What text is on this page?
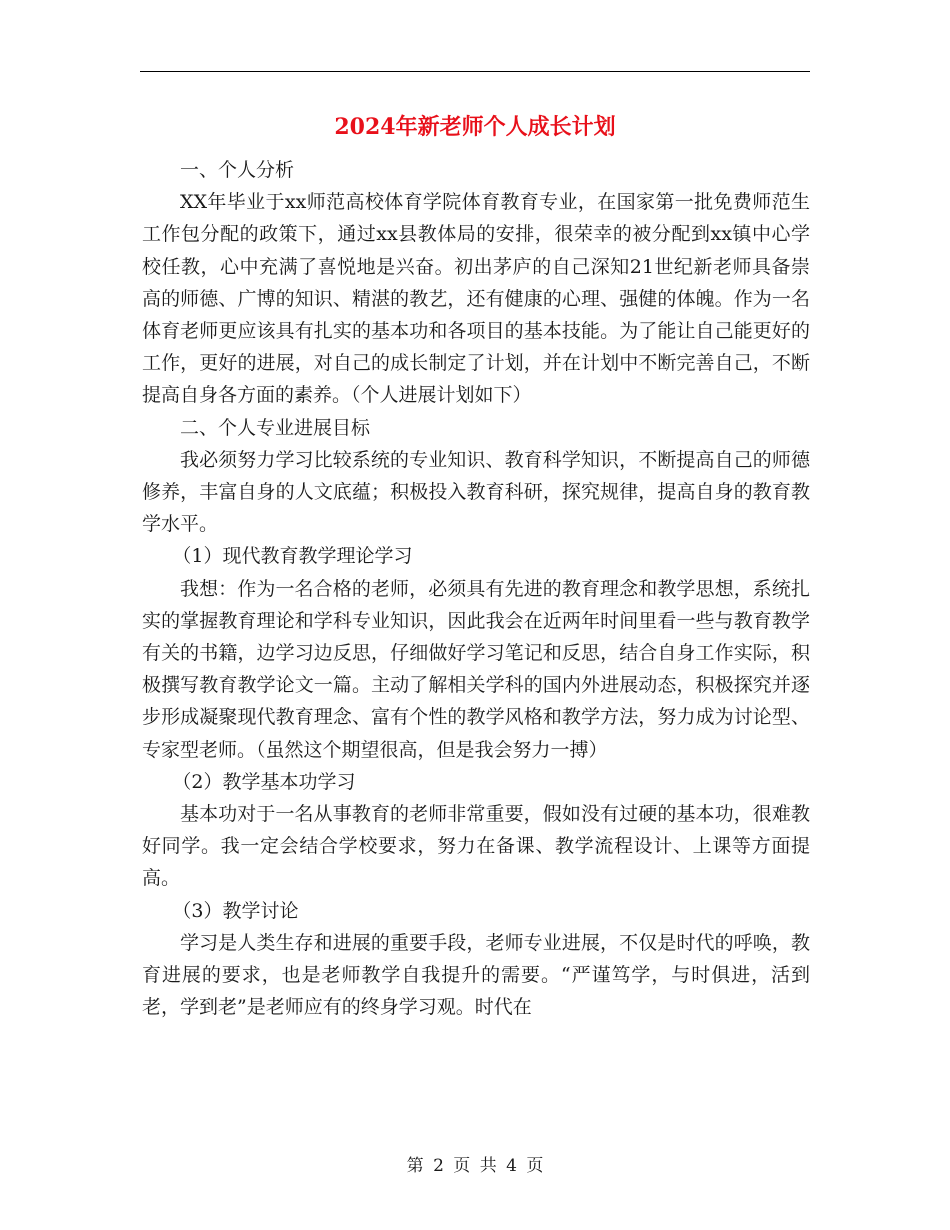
2024年新老师个人成长计划

一、个人分析

XX年毕业于xx师范高校体育学院体育教育专业，在国家第一批免费师范生工作包分配的政策下，通过xx县教体局的安排，很荣幸的被分配到xx镇中心学校任教，心中充满了喜悦地是兴奋。初出茅庐的自己深知21世纪新老师具备崇高的师德、广博的知识、精湛的教艺，还有健康的心理、强健的体魄。作为一名体育老师更应该具有扎实的基本功和各项目的基本技能。为了能让自己能更好的工作，更好的进展，对自己的成长制定了计划，并在计划中不断完善自己，不断提高自身各方面的素养。（个人进展计划如下）

二、个人专业进展目标

我必须努力学习比较系统的专业知识、教育科学知识，不断提高自己的师德修养，丰富自身的人文底蕴；积极投入教育科研，探究规律，提高自身的教育教学水平。

（1）现代教育教学理论学习

我想：作为一名合格的老师，必须具有先进的教育理念和教学思想，系统扎实的掌握教育理论和学科专业知识，因此我会在近两年时间里看一些与教育教学有关的书籍，边学习边反思，仔细做好学习笔记和反思，结合自身工作实际，积极撰写教育教学论文一篇。主动了解相关学科的国内外进展动态，积极探究并逐步形成凝聚现代教育理念、富有个性的教学风格和教学方法，努力成为讨论型、专家型老师。（虽然这个期望很高，但是我会努力一搏）

（2）教学基本功学习

基本功对于一名从事教育的老师非常重要，假如没有过硬的基本功，很难教好同学。我一定会结合学校要求，努力在备课、教学流程设计、上课等方面提高。

（3）教学讨论

学习是人类生存和进展的重要手段，老师专业进展，不仅是时代的呼唤，教育进展的要求，也是老师教学自我提升的需要。“严谨笃学，与时俱进，活到老，学到老”是老师应有的终身学习观。时代在

第 2 页 共 4 页
